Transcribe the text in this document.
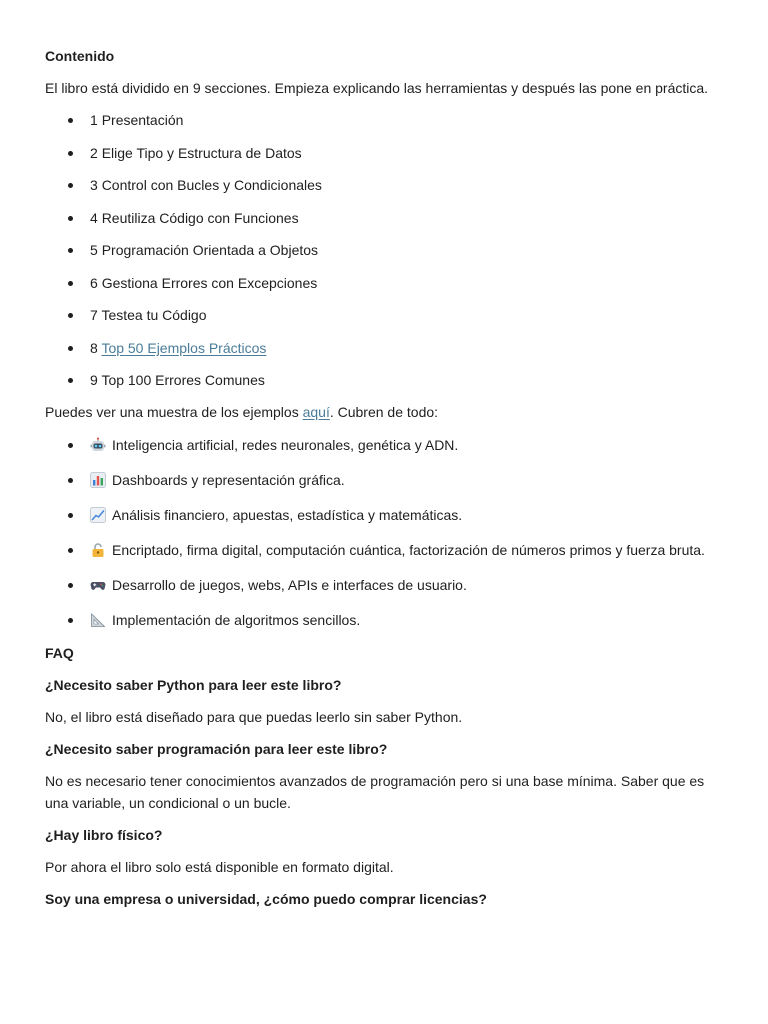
Contenido

El libro está dividido en 9 secciones. Empieza explicando las herramientas y después las pone en práctica.

1 Presentación
2 Elige Tipo y Estructura de Datos
3 Control con Bucles y Condicionales
4 Reutiliza Código con Funciones
5 Programación Orientada a Objetos
6 Gestiona Errores con Excepciones
7 Testea tu Código
8 Top 50 Ejemplos Prácticos
9 Top 100 Errores Comunes

Puedes ver una muestra de los ejemplos aquí. Cubren de todo:

Inteligencia artificial, redes neuronales, genética y ADN.
Dashboards y representación gráfica.
Análisis financiero, apuestas, estadística y matemáticas.
Encriptado, firma digital, computación cuántica, factorización de números primos y fuerza bruta.
Desarrollo de juegos, webs, APIs e interfaces de usuario.
Implementación de algoritmos sencillos.

FAQ

¿Necesito saber Python para leer este libro?

No, el libro está diseñado para que puedas leerlo sin saber Python.

¿Necesito saber programación para leer este libro?

No es necesario tener conocimientos avanzados de programación pero si una base mínima. Saber que es una variable, un condicional o un bucle.

¿Hay libro físico?

Por ahora el libro solo está disponible en formato digital.

Soy una empresa o universidad, ¿cómo puedo comprar licencias?
